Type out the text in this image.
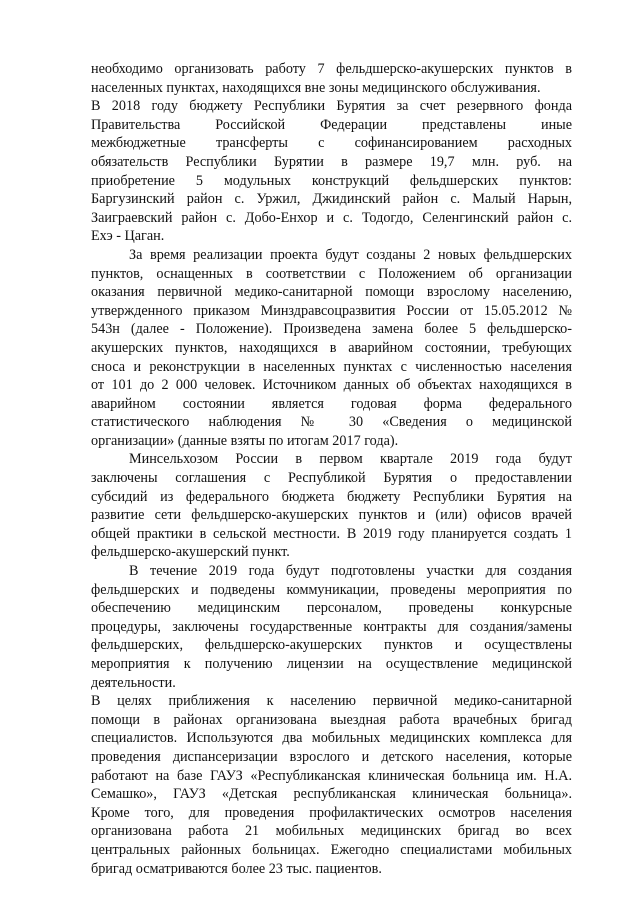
необходимо организовать работу 7 фельдшерско-акушерских пунктов в
населенных пунктах, находящихся вне зоны медицинского обслуживания.
В 2018 году бюджету Республики Бурятия за счет резервного фонда
Правительства Российской Федерации представлены иные
межбюджетные трансферты с софинансированием расходных
обязательств Республики Бурятии в размере 19,7 млн. руб. на
приобретение 5 модульных конструкций фельдшерских пунктов:
Баргузинский район с. Уржил, Джидинский район с. Малый Нарын,
Заиграевский район с. Добо-Енхор и с. Тодогдо, Селенгинский район с.
Ехэ - Цаган.
За время реализации проекта будут созданы 2 новых фельдшерских
пунктов, оснащенных в соответствии с Положением об организации
оказания первичной медико-санитарной помощи взрослому населению,
утвержденного приказом Минздравсоцразвития России от 15.05.2012 №
543н (далее - Положение). Произведена замена более 5 фельдшерско-
акушерских пунктов, находящихся в аварийном состоянии, требующих
сноса и реконструкции в населенных пунктах с численностью населения
от 101 до 2 000 человек. Источником данных об объектах находящихся в
аварийном состоянии является годовая форма федерального
статистического наблюдения № 30 «Сведения о медицинской
организации» (данные взяты по итогам 2017 года).
Минсельхозом России в первом квартале 2019 года будут
заключены соглашения с Республикой Бурятия о предоставлении
субсидий из федерального бюджета бюджету Республики Бурятия на
развитие сети фельдшерско-акушерских пунктов и (или) офисов врачей
общей практики в сельской местности. В 2019 году планируется создать 1
фельдшерско-акушерский пункт.
В течение 2019 года будут подготовлены участки для создания
фельдшерских и подведены коммуникации, проведены мероприятия по
обеспечению медицинским персоналом, проведены конкурсные
процедуры, заключены государственные контракты для создания/замены
фельдшерских, фельдшерско-акушерских пунктов и осуществлены
мероприятия к получению лицензии на осуществление медицинской
деятельности.
В целях приближения к населению первичной медико-санитарной
помощи в районах организована выездная работа врачебных бригад
специалистов. Используются два мобильных медицинских комплекса для
проведения диспансеризации взрослого и детского населения, которые
работают на базе ГАУЗ «Республиканская клиническая больница им. Н.А.
Семашко», ГАУЗ «Детская республиканская клиническая больница».
Кроме того, для проведения профилактических осмотров населения
организована работа 21 мобильных медицинских бригад во всех
центральных районных больницах. Ежегодно специалистами мобильных
бригад осматриваются более 23 тыс. пациентов.
